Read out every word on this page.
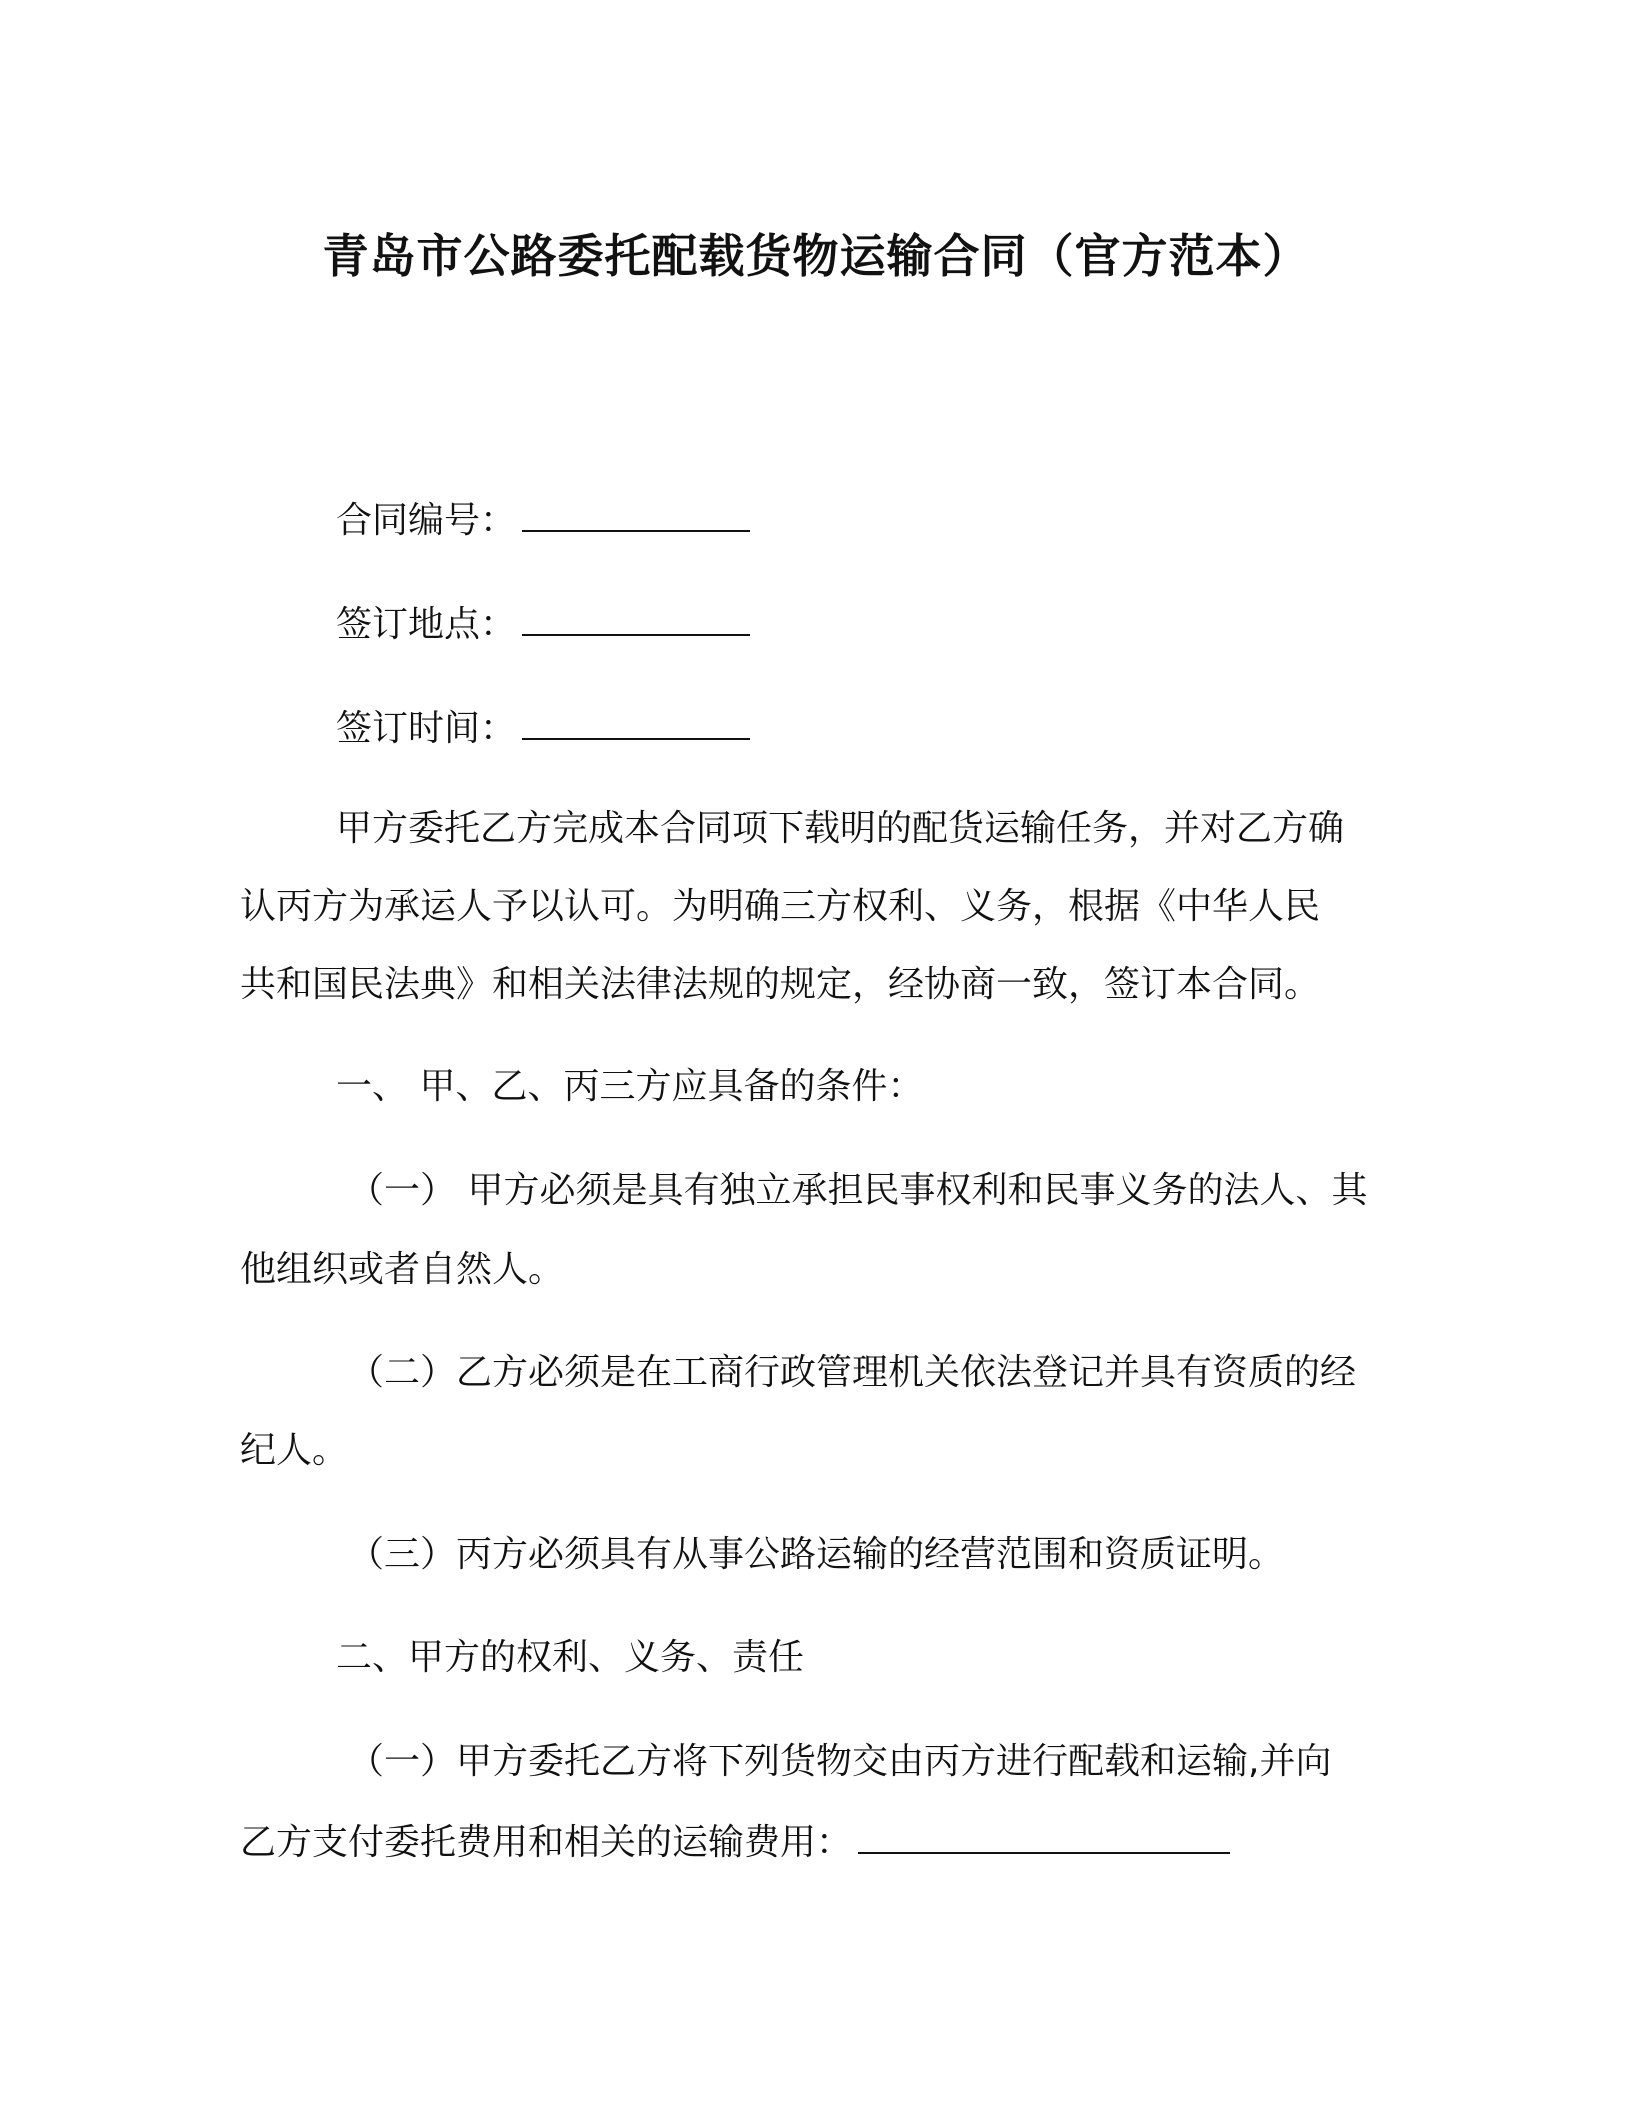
青岛市公路委托配载货物运输合同（官方范本）
合同编号：
签订地点：
签订时间：
甲方委托乙方完成本合同项下载明的配货运输任务，并对乙方确
认丙方为承运人予以认可。为明确三方权利、义务，根据《中华人民
共和国民法典》和相关法律法规的规定，经协商一致，签订本合同。
一、 甲、乙、丙三方应具备的条件：
（一） 甲方必须是具有独立承担民事权利和民事义务的法人、其
他组织或者自然人。
（二）乙方必须是在工商行政管理机关依法登记并具有资质的经
纪人。
（三）丙方必须具有从事公路运输的经营范围和资质证明。
二、甲方的权利、义务、责任
（一）甲方委托乙方将下列货物交由丙方进行配载和运输,并向
乙方支付委托费用和相关的运输费用：
